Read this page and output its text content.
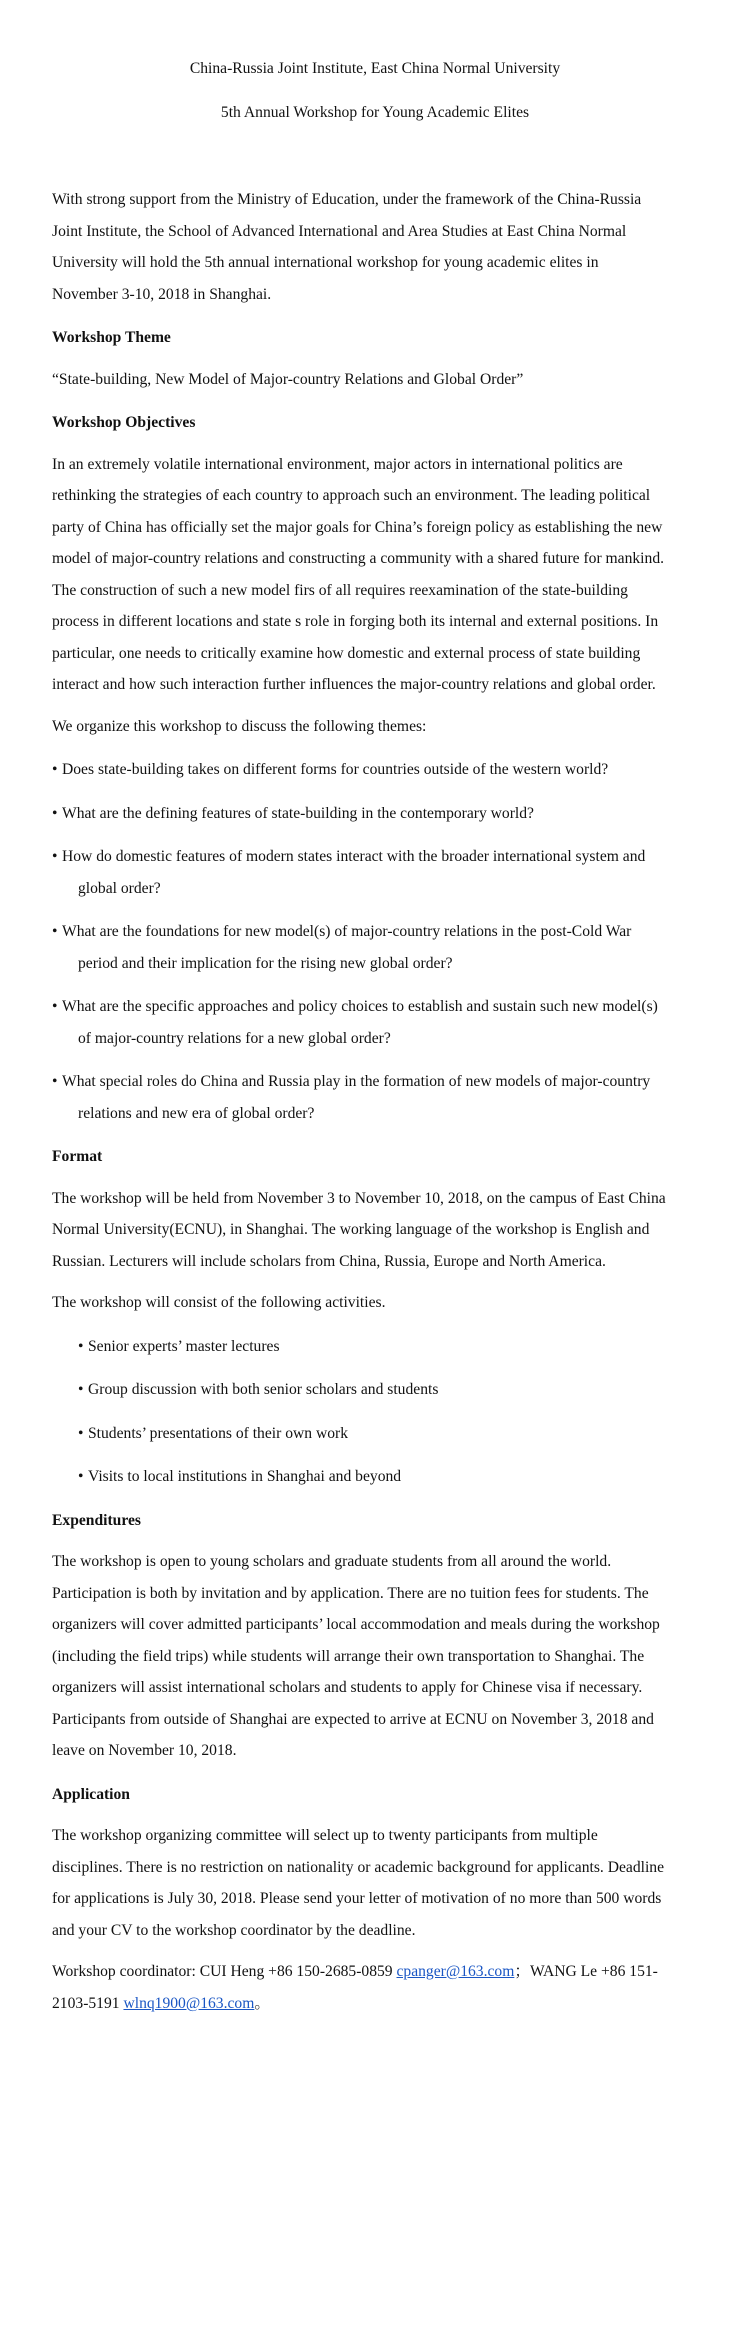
China-Russia Joint Institute, East China Normal University

5th Annual Workshop for Young Academic Elites

With strong support from the Ministry of Education, under the framework of the China-Russia Joint Institute, the School of Advanced International and Area Studies at East China Normal University will hold the 5th annual international workshop for young academic elites in November 3-10, 2018 in Shanghai.

Workshop Theme

“State-building, New Model of Major-country Relations and Global Order”

Workshop Objectives

In an extremely volatile international environment, major actors in international politics are rethinking the strategies of each country to approach such an environment. The leading political party of China has officially set the major goals for China’s foreign policy as establishing the new model of major-country relations and constructing a community with a shared future for mankind. The construction of such a new model firs of all requires reexamination of the state-building process in different locations and state s role in forging both its internal and external positions. In particular, one needs to critically examine how domestic and external process of state building interact and how such interaction further influences the major-country relations and global order.

We organize this workshop to discuss the following themes:

• Does state-building takes on different forms for countries outside of the western world?

• What are the defining features of state-building in the contemporary world?

• How do domestic features of modern states interact with the broader international system and global order?

• What are the foundations for new model(s) of major-country relations in the post-Cold War period and their implication for the rising new global order?

• What are the specific approaches and policy choices to establish and sustain such new model(s) of major-country relations for a new global order?

• What special roles do China and Russia play in the formation of new models of major-country relations and new era of global order?

Format

The workshop will be held from November 3 to November 10, 2018, on the campus of East China Normal University(ECNU), in Shanghai. The working language of the workshop is English and Russian. Lecturers will include scholars from China, Russia, Europe and North America.

The workshop will consist of the following activities.

• Senior experts’ master lectures

• Group discussion with both senior scholars and students

• Students’ presentations of their own work

• Visits to local institutions in Shanghai and beyond

Expenditures

The workshop is open to young scholars and graduate students from all around the world. Participation is both by invitation and by application. There are no tuition fees for students. The organizers will cover admitted participants’ local accommodation and meals during the workshop (including the field trips) while students will arrange their own transportation to Shanghai. The organizers will assist international scholars and students to apply for Chinese visa if necessary. Participants from outside of Shanghai are expected to arrive at ECNU on November 3, 2018 and leave on November 10, 2018.

Application

The workshop organizing committee will select up to twenty participants from multiple disciplines. There is no restriction on nationality or academic background for applicants. Deadline for applications is July 30, 2018. Please send your letter of motivation of no more than 500 words and your CV to the workshop coordinator by the deadline.

Workshop coordinator: CUI Heng +86 150-2685-0859 cpanger@163.com；WANG Le +86 151-2103-5191 wlnq1900@163.com。
